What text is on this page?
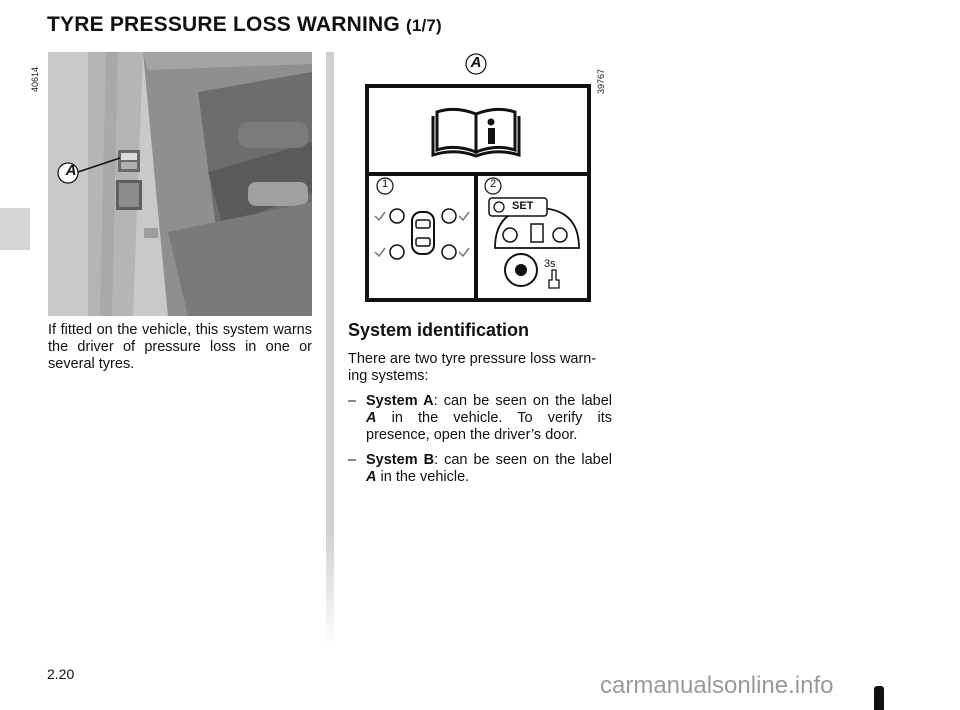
TYRE PRESSURE LOSS WARNING (1/7)
40614	39767
A
A
1	2
SET
3s
If fitted on the vehicle, this system warns the driver of pressure loss in one or several tyres.
System identification

There are two tyre pressure loss warn-ing systems:

– System A: can be seen on the label A in the vehicle. To verify its presence, open the driver’s door.
– System B: can be seen on the label A in the vehicle.
2.20	carmanualsonline.info
